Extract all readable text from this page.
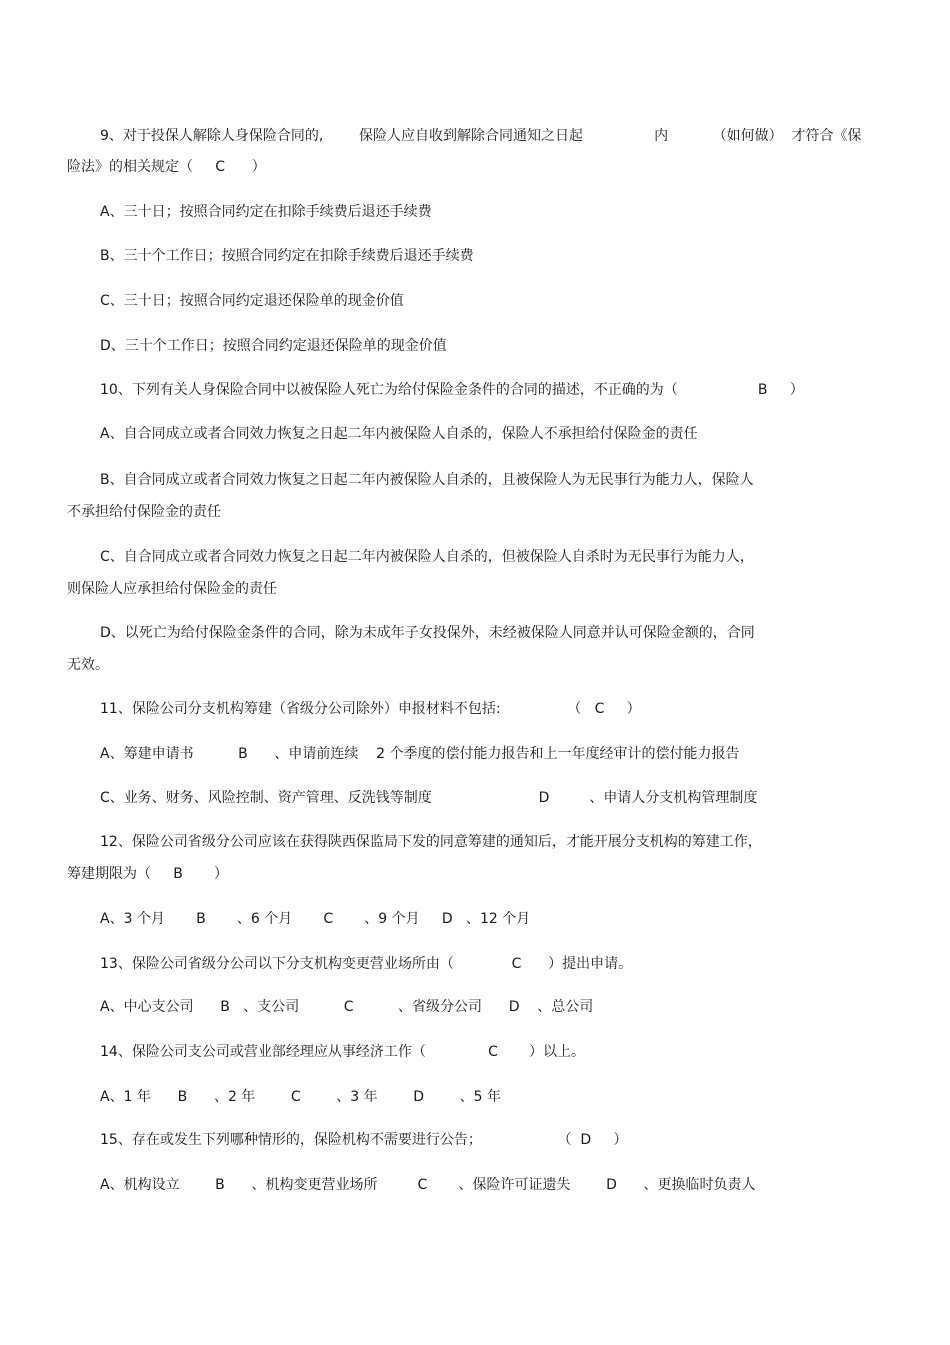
9、对于投保人解除人身保险合同的,        保险人应自收到解除合同通知之日起                内          （如何做）  才符合《保
险法》的相关规定（     C      ）
A、三十日；按照合同约定在扣除手续费后退还手续费
B、三十个工作日；按照合同约定在扣除手续费后退还手续费
C、三十日；按照合同约定退还保险单的现金价值
D、三十个工作日；按照合同约定退还保险单的现金价值
10、下列有关人身保险合同中以被保险人死亡为给付保险金条件的合同的描述，不正确的为（                  B     ）
A、自合同成立或者合同效力恢复之日起二年内被保险人自杀的，保险人不承担给付保险金的责任
B、自合同成立或者合同效力恢复之日起二年内被保险人自杀的，且被保险人为无民事行为能力人，保险人
不承担给付保险金的责任
C、自合同成立或者合同效力恢复之日起二年内被保险人自杀的，但被保险人自杀时为无民事行为能力人，
则保险人应承担给付保险金的责任
D、以死亡为给付保险金条件的合同，除为未成年子女投保外，未经被保险人同意并认可保险金额的，合同
无效。
11、保险公司分支机构筹建（省级分公司除外）申报材料不包括:               （   C     ）
A、筹建申请书          B      、申请前连续    2 个季度的偿付能力报告和上一年度经审计的偿付能力报告
C、业务、财务、风险控制、资产管理、反洗钱等制度                        D         、申请人分支机构管理制度
12、保险公司省级分公司应该在获得陕西保监局下发的同意筹建的通知后，才能开展分支机构的筹建工作，
筹建期限为（     B       ）
A、3 个月       B       、6 个月       C       、9 个月     D   、12 个月
13、保险公司省级分公司以下分支机构变更营业场所由（             C      ）提出申请。
A、中心支公司      B   、支公司          C          、省级分公司      D    、总公司
14、保险公司支公司或营业部经理应从事经济工作（              C       ）以上。
A、1 年      B      、2 年        C        、3 年        D        、5 年
15、存在或发生下列哪种情形的，保险机构不需要进行公告；                 （  D     ）
A、机构设立        B      、机构变更营业场所         C       、保险许可证遗失        D      、更换临时负责人
